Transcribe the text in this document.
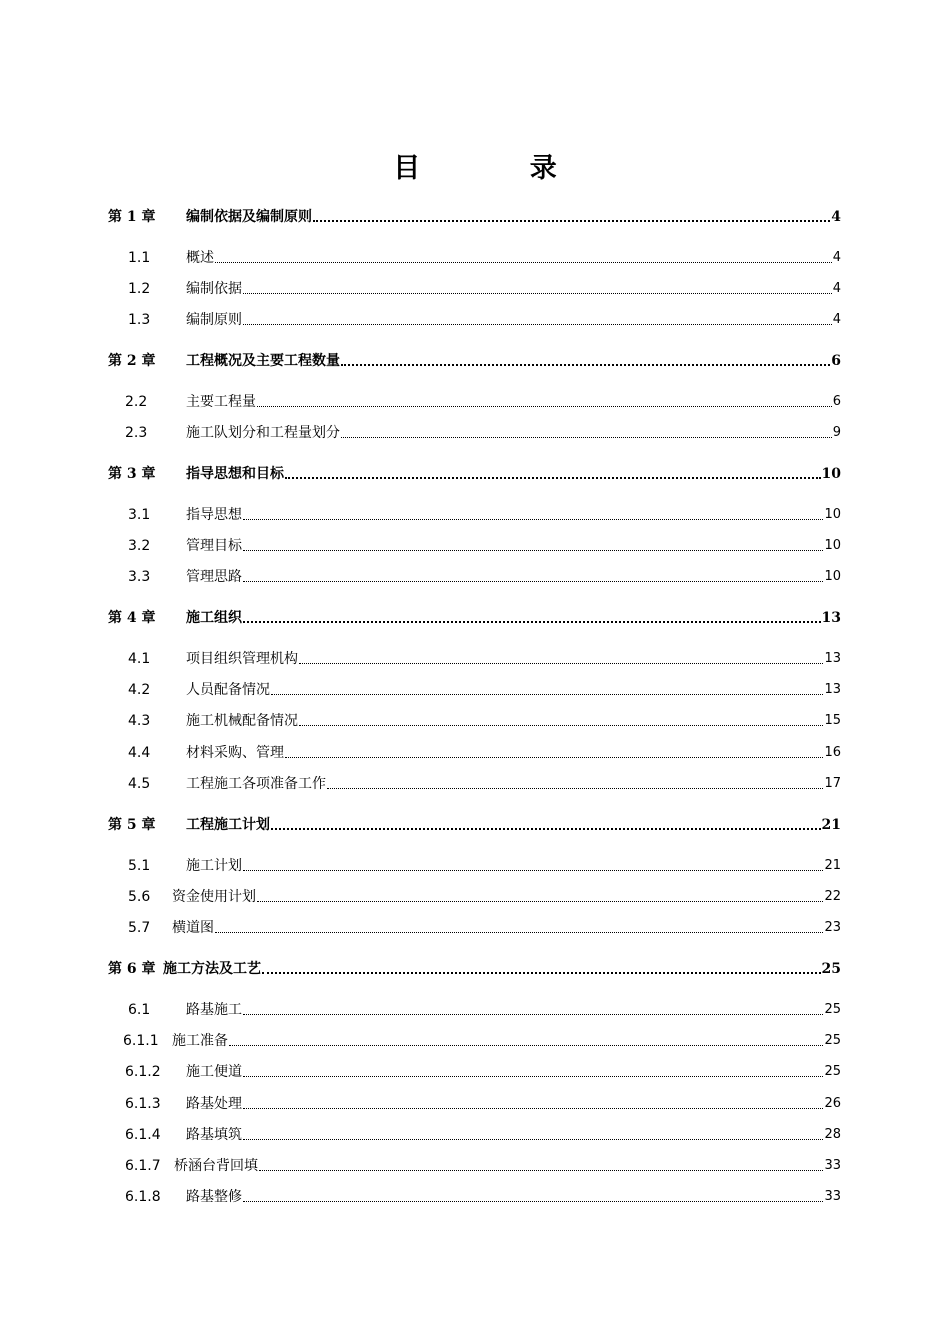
目 录
第 1 章 编制依据及编制原则	4
1.1	概述	4
1.2	编制依据	4
1.3	编制原则	4
第 2 章 工程概况及主要工程数量	6
2.2	主要工程量	6
2.3	施工队划分和工程量划分	9
第 3 章 指导思想和目标	10
3.1	指导思想	10
3.2	管理目标	10
3.3	管理思路	10
第 4 章 施工组织	13
4.1	项目组织管理机构	13
4.2	人员配备情况	13
4.3	施工机械配备情况	15
4.4	材料采购、管理	16
4.5	工程施工各项准备工作	17
第 5 章 工程施工计划	21
5.1	施工计划	21
5.6 资金使用计划	22
5.7 横道图	23
第 6 章 施工方法及工艺	25
6.1	路基施工	25
6.1.1 施工准备	25
6.1.2 施工便道	25
6.1.3 路基处理	26
6.1.4 路基填筑	28
6.1.7 桥涵台背回填	33
6.1.8 路基整修	33
